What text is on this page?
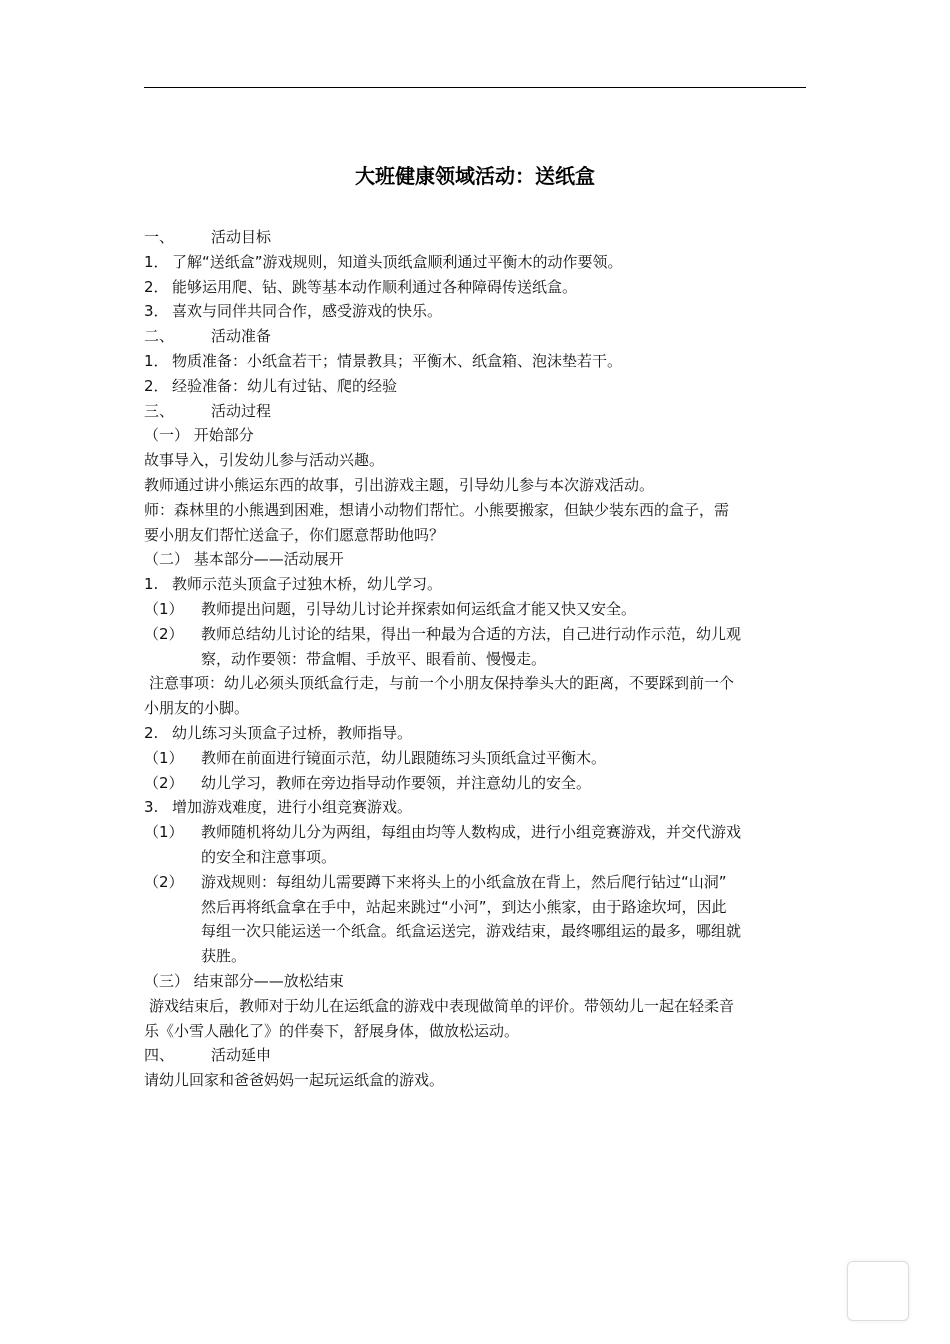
大班健康领域活动：送纸盒
一、 活动目标
1． 了解“送纸盒”游戏规则，知道头顶纸盒顺利通过平衡木的动作要领。
2． 能够运用爬、钻、跳等基本动作顺利通过各种障碍传送纸盒。
3． 喜欢与同伴共同合作，感受游戏的快乐。
二、 活动准备
1． 物质准备：小纸盒若干；情景教具；平衡木、纸盒箱、泡沫垫若干。
2． 经验准备：幼儿有过钻、爬的经验
三、 活动过程
（一） 开始部分
故事导入，引发幼儿参与活动兴趣。
教师通过讲小熊运东西的故事，引出游戏主题，引导幼儿参与本次游戏活动。
师：森林里的小熊遇到困难，想请小动物们帮忙。小熊要搬家，但缺少装东西的盒子，需
要小朋友们帮忙送盒子，你们愿意帮助他吗？
（二） 基本部分——活动展开
1. 教师示范头顶盒子过独木桥，幼儿学习。
（1） 教师提出问题，引导幼儿讨论并探索如何运纸盒才能又快又安全。
（2） 教师总结幼儿讨论的结果，得出一种最为合适的方法，自己进行动作示范，幼儿观
察，动作要领：带盒帽、手放平、眼看前、慢慢走。
注意事项：幼儿必须头顶纸盒行走，与前一个小朋友保持拳头大的距离，不要踩到前一个
小朋友的小脚。
2. 幼儿练习头顶盒子过桥，教师指导。
（1） 教师在前面进行镜面示范，幼儿跟随练习头顶纸盒过平衡木。
（2） 幼儿学习，教师在旁边指导动作要领，并注意幼儿的安全。
3. 增加游戏难度，进行小组竞赛游戏。
（1） 教师随机将幼儿分为两组，每组由均等人数构成，进行小组竞赛游戏，并交代游戏
的安全和注意事项。
（2） 游戏规则：每组幼儿需要蹲下来将头上的小纸盒放在背上，然后爬行钻过“山洞”
然后再将纸盒拿在手中，站起来跳过“小河”，到达小熊家，由于路途坎坷，因此
每组一次只能运送一个纸盒。纸盒运送完，游戏结束，最终哪组运的最多，哪组就
获胜。
（三） 结束部分——放松结束
游戏结束后，教师对于幼儿在运纸盒的游戏中表现做简单的评价。带领幼儿一起在轻柔音
乐《小雪人融化了》的伴奏下，舒展身体，做放松运动。
四、 活动延申
请幼儿回家和爸爸妈妈一起玩运纸盒的游戏。
